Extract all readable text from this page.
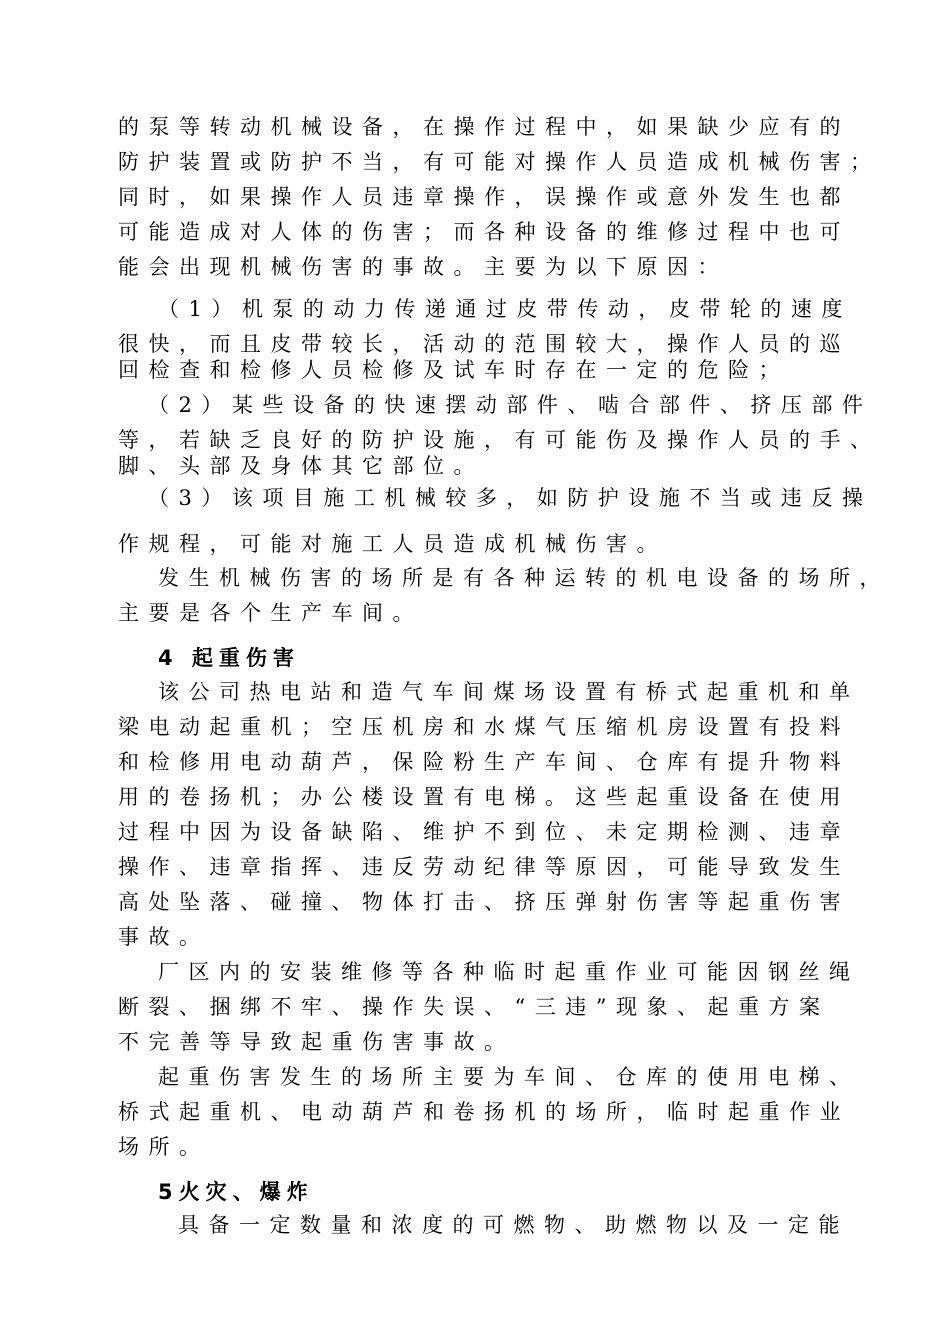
的泵等转动机械设备，在操作过程中，如果缺少应有的
防护装置或防护不当，有可能对操作人员造成机械伤害；
同时，如果操作人员违章操作，误操作或意外发生也都
可能造成对人体的伤害；而各种设备的维修过程中也可
能会出现机械伤害的事故。主要为以下原因：
（1）机泵的动力传递通过皮带传动，皮带轮的速度
很快，而且皮带较长，活动的范围较大，操作人员的巡
回检查和检修人员检修及试车时存在一定的危险；
（2）某些设备的快速摆动部件、啮合部件、挤压部件
等，若缺乏良好的防护设施，有可能伤及操作人员的手、
脚、头部及身体其它部位。
（3）该项目施工机械较多，如防护设施不当或违反操
作规程，可能对施工人员造成机械伤害。
发生机械伤害的场所是有各种运转的机电设备的场所，
主要是各个生产车间。
4 起重伤害
该公司热电站和造气车间煤场设置有桥式起重机和单
梁电动起重机；空压机房和水煤气压缩机房设置有投料
和检修用电动葫芦，保险粉生产车间、仓库有提升物料
用的卷扬机；办公楼设置有电梯。这些起重设备在使用
过程中因为设备缺陷、维护不到位、未定期检测、违章
操作、违章指挥、违反劳动纪律等原因，可能导致发生
高处坠落、碰撞、物体打击、挤压弹射伤害等起重伤害
事故。
厂区内的安装维修等各种临时起重作业可能因钢丝绳
断裂、捆绑不牢、操作失误、“三违”现象、起重方案
不完善等导致起重伤害事故。
起重伤害发生的场所主要为车间、仓库的使用电梯、
桥式起重机、电动葫芦和卷扬机的场所，临时起重作业
场所。
5火灾、爆炸
具备一定数量和浓度的可燃物、助燃物以及一定能
